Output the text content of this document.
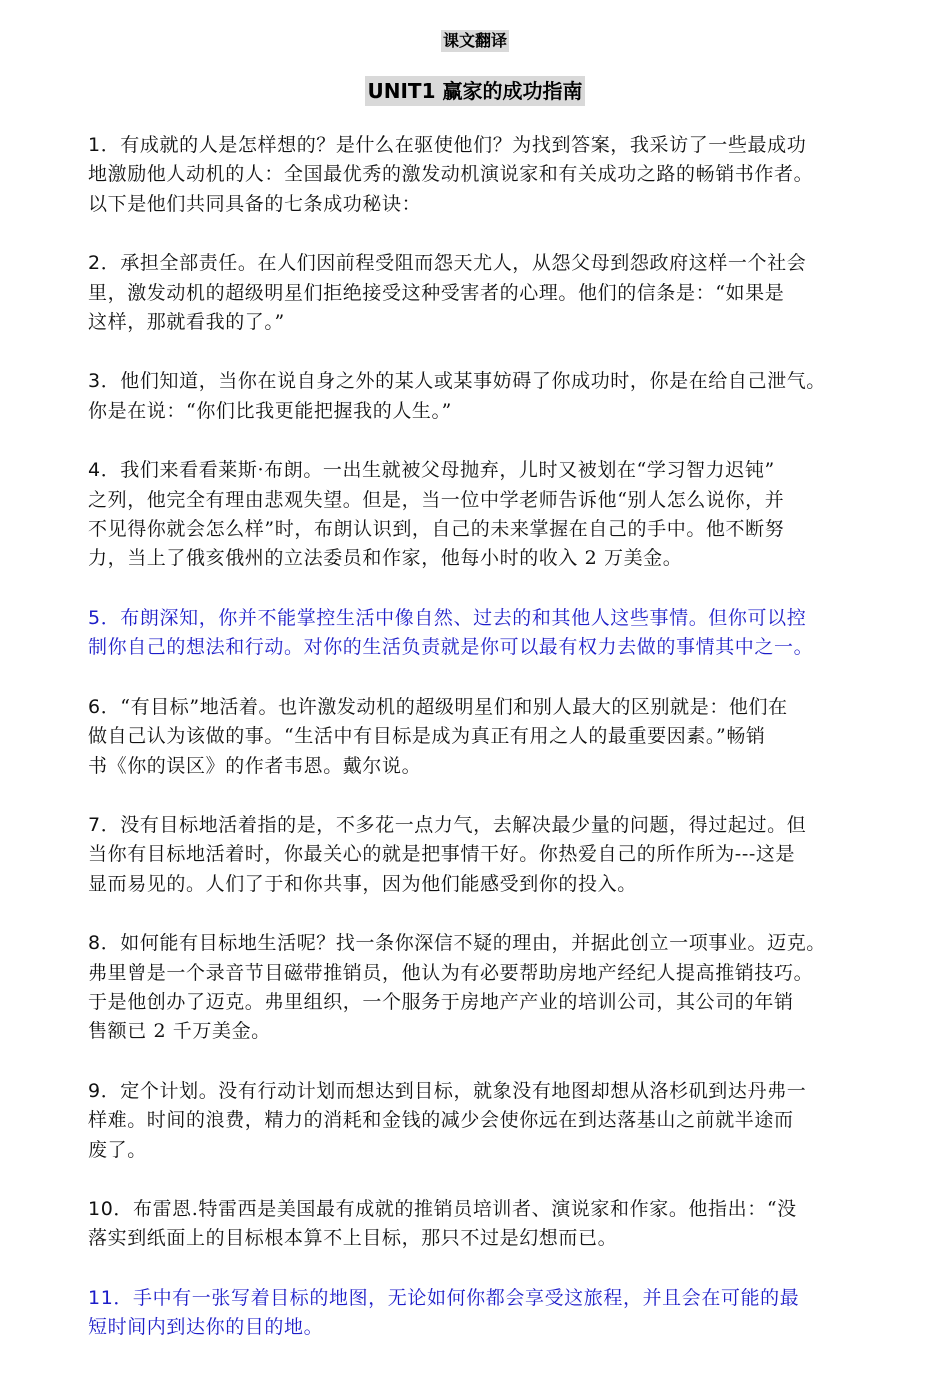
课文翻译
UNIT1 赢家的成功指南

1．有成就的人是怎样想的？是什么在驱使他们？为找到答案，我采访了一些最成功
地激励他人动机的人：全国最优秀的激发动机演说家和有关成功之路的畅销书作者。
以下是他们共同具备的七条成功秘诀：

2．承担全部责任。在人们因前程受阻而怨天尤人，从怨父母到怨政府这样一个社会
里，激发动机的超级明星们拒绝接受这种受害者的心理。他们的信条是：“如果是
这样，那就看我的了。”

3．他们知道，当你在说自身之外的某人或某事妨碍了你成功时，你是在给自己泄气。
你是在说：“你们比我更能把握我的人生。”

4．我们来看看莱斯·布朗。一出生就被父母抛弃，儿时又被划在“学习智力迟钝”
之列，他完全有理由悲观失望。但是，当一位中学老师告诉他“别人怎么说你，并
不见得你就会怎么样”时，布朗认识到，自己的未来掌握在自己的手中。他不断努
力，当上了俄亥俄州的立法委员和作家，他每小时的收入 2 万美金。

5．布朗深知，你并不能掌控生活中像自然、过去的和其他人这些事情。但你可以控
制你自己的想法和行动。对你的生活负责就是你可以最有权力去做的事情其中之一。

6．“有目标”地活着。也许激发动机的超级明星们和别人最大的区别就是：他们在
做自己认为该做的事。“生活中有目标是成为真正有用之人的最重要因素。”畅销
书《你的误区》的作者韦恩。戴尔说。

7．没有目标地活着指的是，不多花一点力气，去解决最少量的问题，得过起过。但
当你有目标地活着时，你最关心的就是把事情干好。你热爱自己的所作所为---这是
显而易见的。人们了于和你共事，因为他们能感受到你的投入。

8．如何能有目标地生活呢？找一条你深信不疑的理由，并据此创立一项事业。迈克。
弗里曾是一个录音节目磁带推销员，他认为有必要帮助房地产经纪人提高推销技巧。
于是他创办了迈克。弗里组织，一个服务于房地产产业的培训公司，其公司的年销
售额已 2 千万美金。

9．定个计划。没有行动计划而想达到目标，就象没有地图却想从洛杉矶到达丹弗一
样难。时间的浪费，精力的消耗和金钱的减少会使你远在到达落基山之前就半途而
废了。

10．布雷恩.特雷西是美国最有成就的推销员培训者、演说家和作家。他指出：“没
落实到纸面上的目标根本算不上目标，那只不过是幻想而已。

11．手中有一张写着目标的地图，无论如何你都会享受这旅程，并且会在可能的最
短时间内到达你的目的地。
